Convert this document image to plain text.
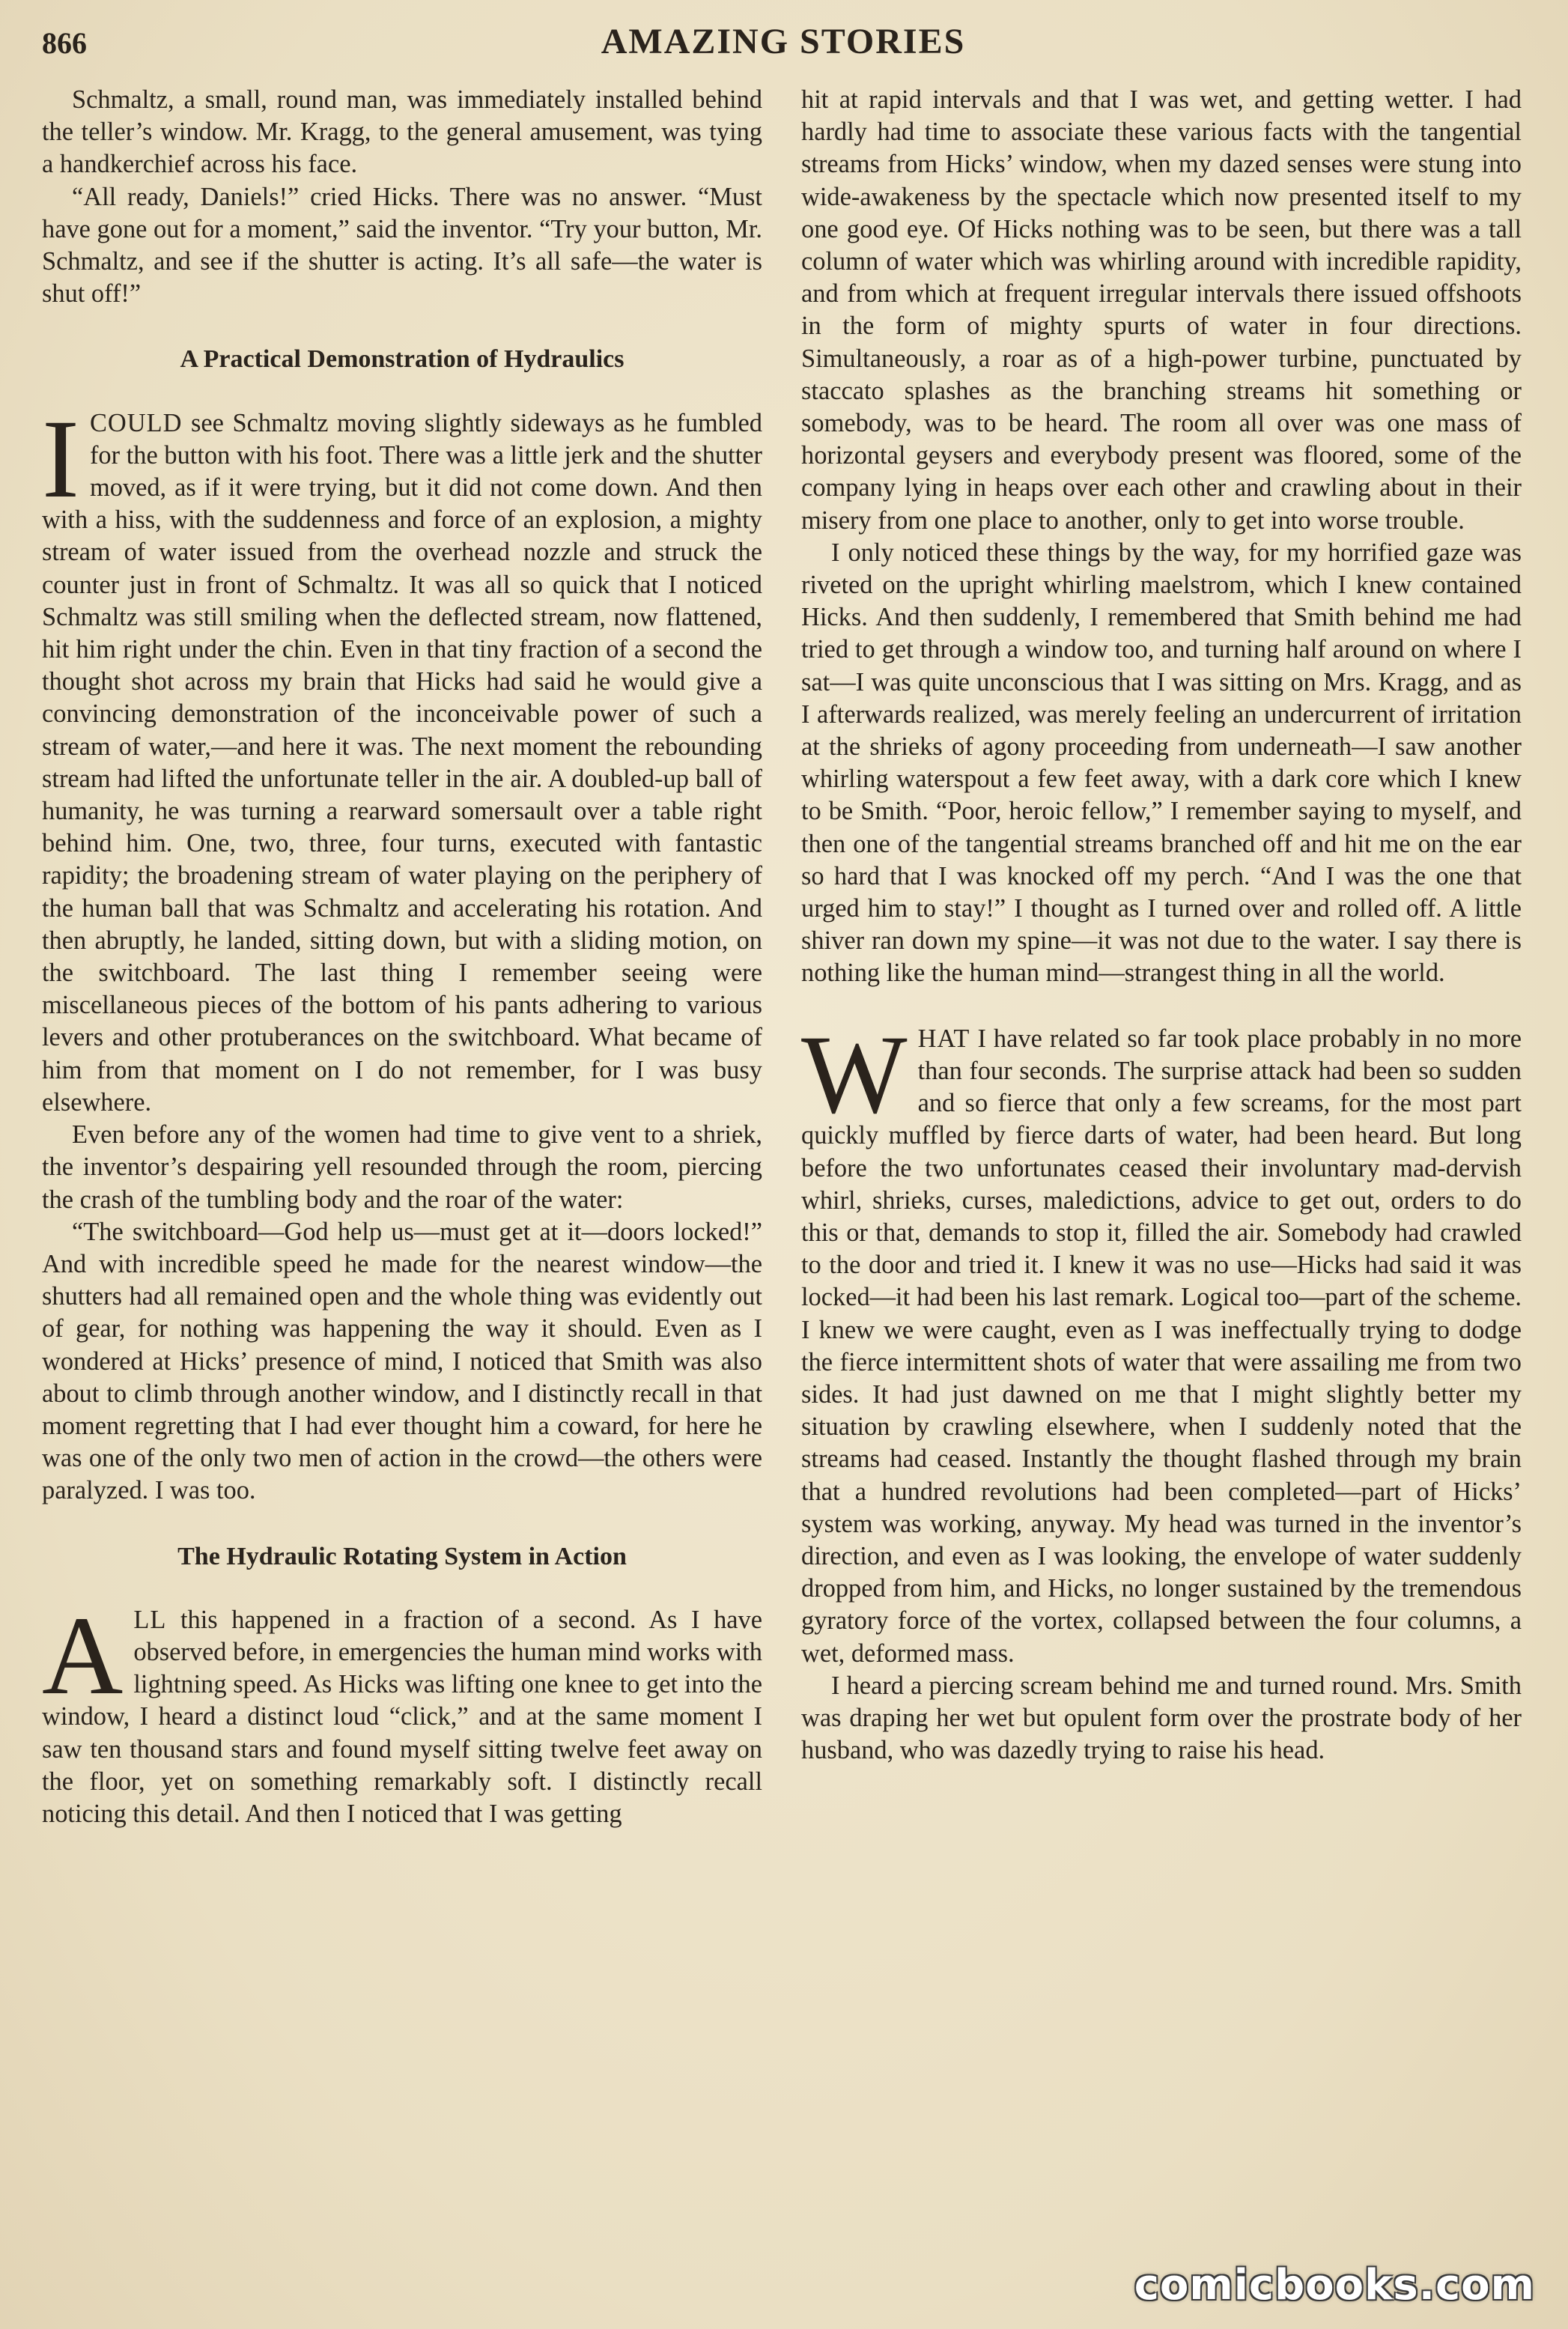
866	AMAZING STORIES

Schmaltz, a small, round man, was immediately installed behind the teller’s window. Mr. Kragg, to the general amusement, was tying a handkerchief across his face.

“All ready, Daniels!” cried Hicks. There was no answer. “Must have gone out for a moment,” said the inventor. “Try your button, Mr. Schmaltz, and see if the shutter is acting. It’s all safe—the water is shut off!”

A Practical Demonstration of Hydraulics

ICOULD see Schmaltz moving slightly sideways as he fumbled for the button with his foot. There was a little jerk and the shutter moved, as if it were trying, but it did not come down. And then with a hiss, with the suddenness and force of an explosion, a mighty stream of water issued from the overhead nozzle and struck the counter just in front of Schmaltz. It was all so quick that I noticed Schmaltz was still smiling when the deflected stream, now flattened, hit him right under the chin. Even in that tiny fraction of a second the thought shot across my brain that Hicks had said he would give a convincing demonstration of the inconceivable power of such a stream of water,—and here it was. The next moment the rebounding stream had lifted the unfortunate teller in the air. A doubled-up ball of humanity, he was turning a rearward somersault over a table right behind him. One, two, three, four turns, executed with fantastic rapidity; the broadening stream of water playing on the periphery of the human ball that was Schmaltz and accelerating his rotation. And then abruptly, he landed, sitting down, but with a sliding motion, on the switchboard. The last thing I remember seeing were miscellaneous pieces of the bottom of his pants adhering to various levers and other protuberances on the switchboard. What became of him from that moment on I do not remember, for I was busy elsewhere.

Even before any of the women had time to give vent to a shriek, the inventor’s despairing yell resounded through the room, piercing the crash of the tumbling body and the roar of the water:

“The switchboard—God help us—must get at it—doors locked!” And with incredible speed he made for the nearest window—the shutters had all remained open and the whole thing was evidently out of gear, for nothing was happening the way it should. Even as I wondered at Hicks’ presence of mind, I noticed that Smith was also about to climb through another window, and I distinctly recall in that moment regretting that I had ever thought him a coward, for here he was one of the only two men of action in the crowd—the others were paralyzed. I was too.

The Hydraulic Rotating System in Action

ALL this happened in a fraction of a second. As I have observed before, in emergencies the human mind works with lightning speed. As Hicks was lifting one knee to get into the window, I heard a distinct loud “click,” and at the same moment I saw ten thousand stars and found myself sitting twelve feet away on the floor, yet on something remarkably soft. I distinctly recall noticing this detail. And then I noticed that I was getting

hit at rapid intervals and that I was wet, and getting wetter. I had hardly had time to associate these various facts with the tangential streams from Hicks’ window, when my dazed senses were stung into wide-awakeness by the spectacle which now presented itself to my one good eye. Of Hicks nothing was to be seen, but there was a tall column of water which was whirling around with incredible rapidity, and from which at frequent irregular intervals there issued offshoots in the form of mighty spurts of water in four directions. Simultaneously, a roar as of a high-power turbine, punctuated by staccato splashes as the branching streams hit something or somebody, was to be heard. The room all over was one mass of horizontal geysers and everybody present was floored, some of the company lying in heaps over each other and crawling about in their misery from one place to another, only to get into worse trouble.

I only noticed these things by the way, for my horrified gaze was riveted on the upright whirling maelstrom, which I knew contained Hicks. And then suddenly, I remembered that Smith behind me had tried to get through a window too, and turning half around on where I sat—I was quite unconscious that I was sitting on Mrs. Kragg, and as I afterwards realized, was merely feeling an undercurrent of irritation at the shrieks of agony proceeding from underneath—I saw another whirling waterspout a few feet away, with a dark core which I knew to be Smith. “Poor, heroic fellow,” I remember saying to myself, and then one of the tangential streams branched off and hit me on the ear so hard that I was knocked off my perch. “And I was the one that urged him to stay!” I thought as I turned over and rolled off. A little shiver ran down my spine—it was not due to the water. I say there is nothing like the human mind—strangest thing in all the world.

WHAT I have related so far took place probably in no more than four seconds. The surprise attack had been so sudden and so fierce that only a few screams, for the most part quickly muffled by fierce darts of water, had been heard. But long before the two unfortunates ceased their involuntary mad-dervish whirl, shrieks, curses, maledictions, advice to get out, orders to do this or that, demands to stop it, filled the air. Somebody had crawled to the door and tried it. I knew it was no use—Hicks had said it was locked—it had been his last remark. Logical too—part of the scheme. I knew we were caught, even as I was ineffectually trying to dodge the fierce intermittent shots of water that were assailing me from two sides. It had just dawned on me that I might slightly better my situation by crawling elsewhere, when I suddenly noted that the streams had ceased. Instantly the thought flashed through my brain that a hundred revolutions had been completed—part of Hicks’ system was working, anyway. My head was turned in the inventor’s direction, and even as I was looking, the envelope of water suddenly dropped from him, and Hicks, no longer sustained by the tremendous gyratory force of the vortex, collapsed between the four columns, a wet, deformed mass.

I heard a piercing scream behind me and turned round. Mrs. Smith was draping her wet but opulent form over the prostrate body of her husband, who was dazedly trying to raise his head.

comicbooks.com
